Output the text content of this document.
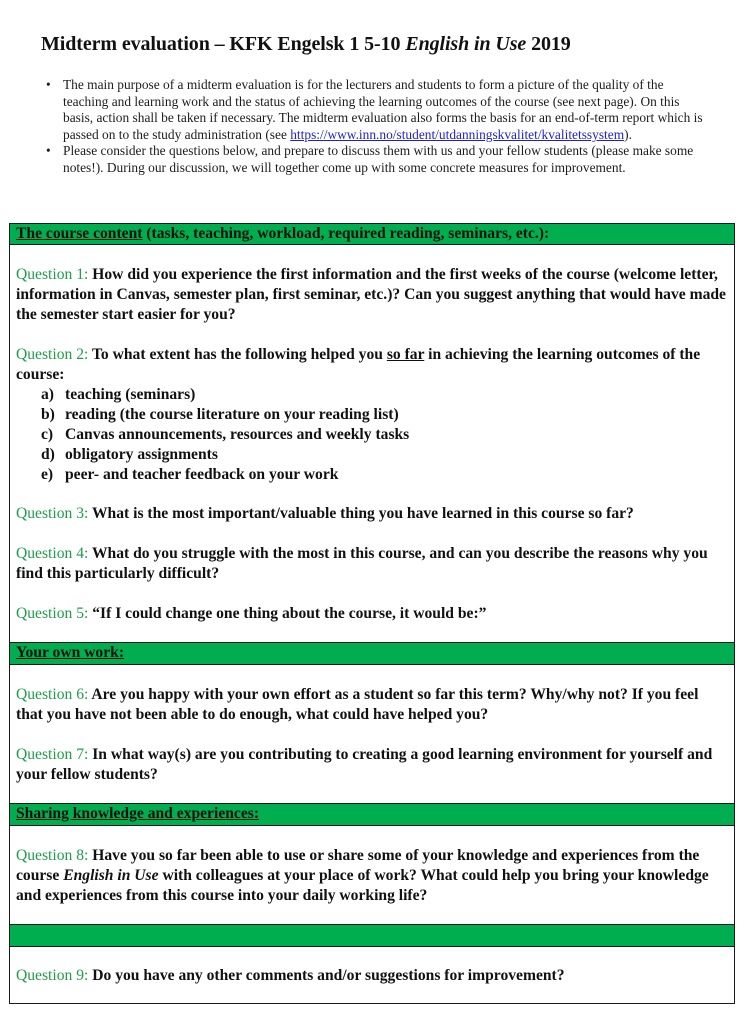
Midterm evaluation – KFK Engelsk 1 5-10 English in Use 2019
• The main purpose of a midterm evaluation is for the lecturers and students to form a picture of the quality of the teaching and learning work and the status of achieving the learning outcomes of the course (see next page). On this basis, action shall be taken if necessary. The midterm evaluation also forms the basis for an end-of-term report which is passed on to the study administration (see https://www.inn.no/student/utdanningskvalitet/kvalitetssystem).
• Please consider the questions below, and prepare to discuss them with us and your fellow students (please make some notes!). During our discussion, we will together come up with some concrete measures for improvement.
The course content (tasks, teaching, workload, required reading, seminars, etc.):
Question 1: How did you experience the first information and the first weeks of the course (welcome letter, information in Canvas, semester plan, first seminar, etc.)? Can you suggest anything that would have made the semester start easier for you?
Question 2: To what extent has the following helped you so far in achieving the learning outcomes of the course:
a) teaching (seminars)
b) reading (the course literature on your reading list)
c) Canvas announcements, resources and weekly tasks
d) obligatory assignments
e) peer- and teacher feedback on your work
Question 3: What is the most important/valuable thing you have learned in this course so far?
Question 4: What do you struggle with the most in this course, and can you describe the reasons why you find this particularly difficult?
Question 5: “If I could change one thing about the course, it would be:”
Your own work:
Question 6: Are you happy with your own effort as a student so far this term? Why/why not? If you feel that you have not been able to do enough, what could have helped you?
Question 7: In what way(s) are you contributing to creating a good learning environment for yourself and your fellow students?
Sharing knowledge and experiences:
Question 8: Have you so far been able to use or share some of your knowledge and experiences from the course English in Use with colleagues at your place of work? What could help you bring your knowledge and experiences from this course into your daily working life?
Question 9: Do you have any other comments and/or suggestions for improvement?
